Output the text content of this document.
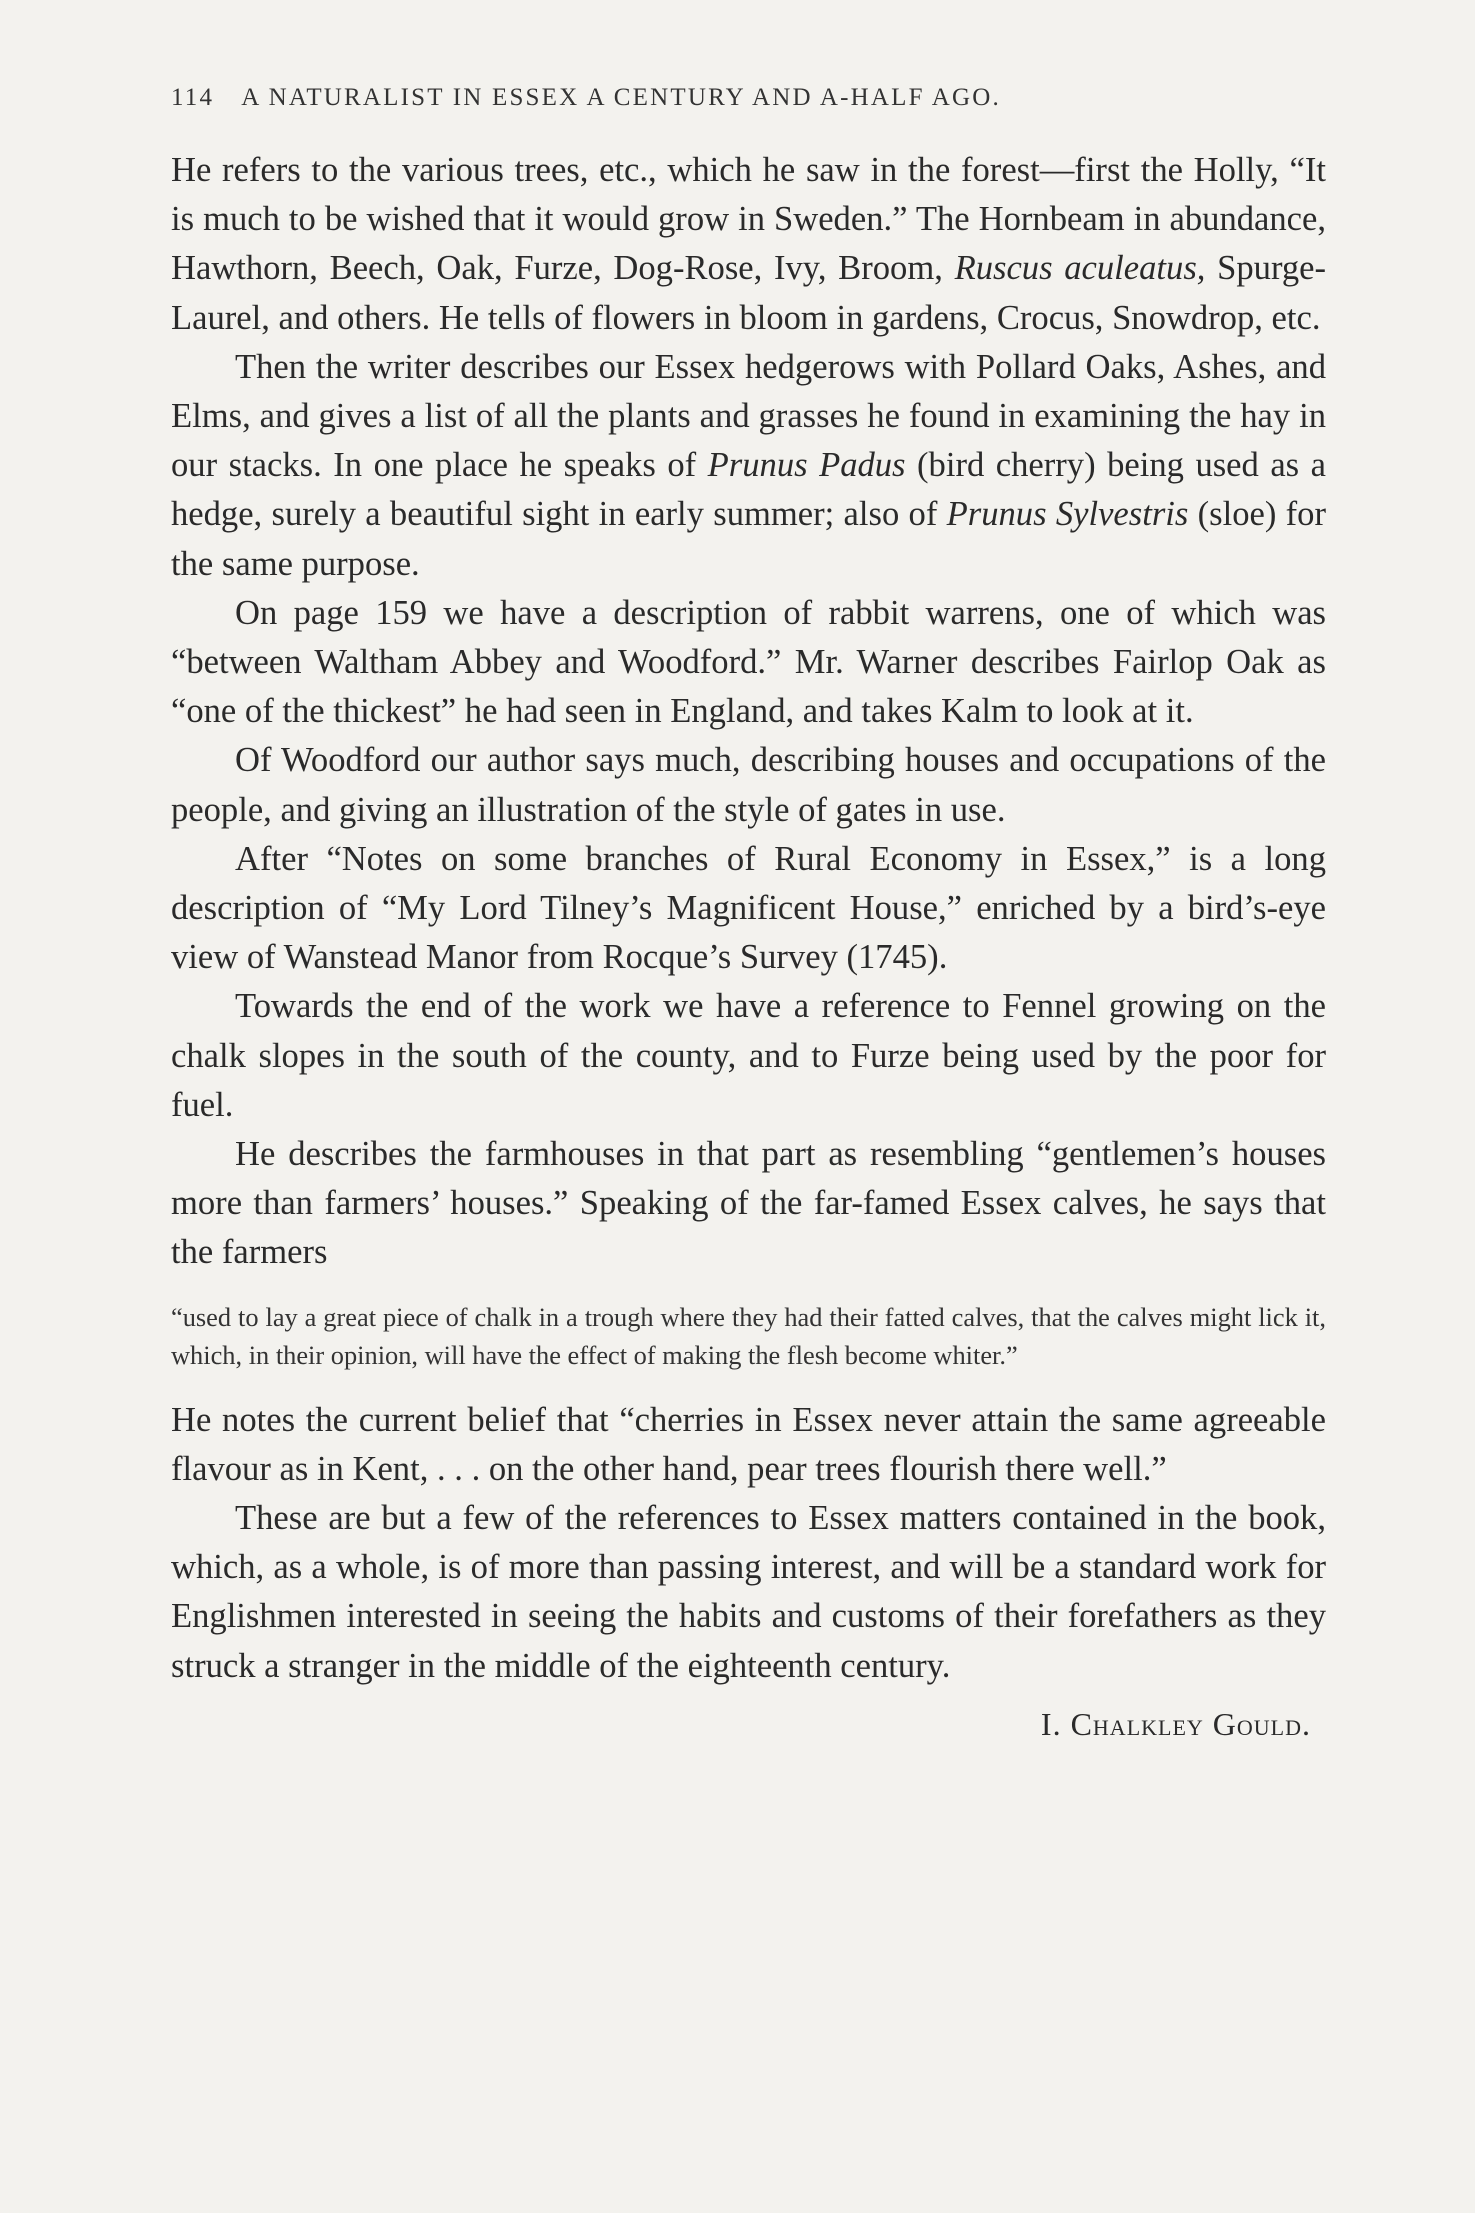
114 A NATURALIST IN ESSEX A CENTURY AND A-HALF AGO.

He refers to the various trees, etc., which he saw in the forest—first the Holly, “It is much to be wished that it would grow in Sweden.” The Hornbeam in abundance, Hawthorn, Beech, Oak, Furze, Dog-Rose, Ivy, Broom, Ruscus aculeatus, Spurge-Laurel, and others. He tells of flowers in bloom in gardens, Crocus, Snowdrop, etc.

Then the writer describes our Essex hedgerows with Pollard Oaks, Ashes, and Elms, and gives a list of all the plants and grasses he found in examining the hay in our stacks. In one place he speaks of Prunus Padus (bird cherry) being used as a hedge, surely a beautiful sight in early summer; also of Prunus Sylvestris (sloe) for the same purpose.

On page 159 we have a description of rabbit warrens, one of which was “between Waltham Abbey and Woodford.” Mr. Warner describes Fairlop Oak as “one of the thickest” he had seen in England, and takes Kalm to look at it.

Of Woodford our author says much, describing houses and occupations of the people, and giving an illustration of the style of gates in use.

After “Notes on some branches of Rural Economy in Essex,” is a long description of “My Lord Tilney’s Magnificent House,” enriched by a bird’s-eye view of Wanstead Manor from Rocque’s Survey (1745).

Towards the end of the work we have a reference to Fennel growing on the chalk slopes in the south of the county, and to Furze being used by the poor for fuel.

He describes the farmhouses in that part as resembling “gentlemen’s houses more than farmers’ houses.” Speaking of the far-famed Essex calves, he says that the farmers

“used to lay a great piece of chalk in a trough where they had their fatted calves, that the calves might lick it, which, in their opinion, will have the effect of making the flesh become whiter.”

He notes the current belief that “cherries in Essex never attain the same agreeable flavour as in Kent, . . . on the other hand, pear trees flourish there well.”

These are but a few of the references to Essex matters contained in the book, which, as a whole, is of more than passing interest, and will be a standard work for Englishmen interested in seeing the habits and customs of their forefathers as they struck a stranger in the middle of the eighteenth century.

I. Chalkley Gould.
